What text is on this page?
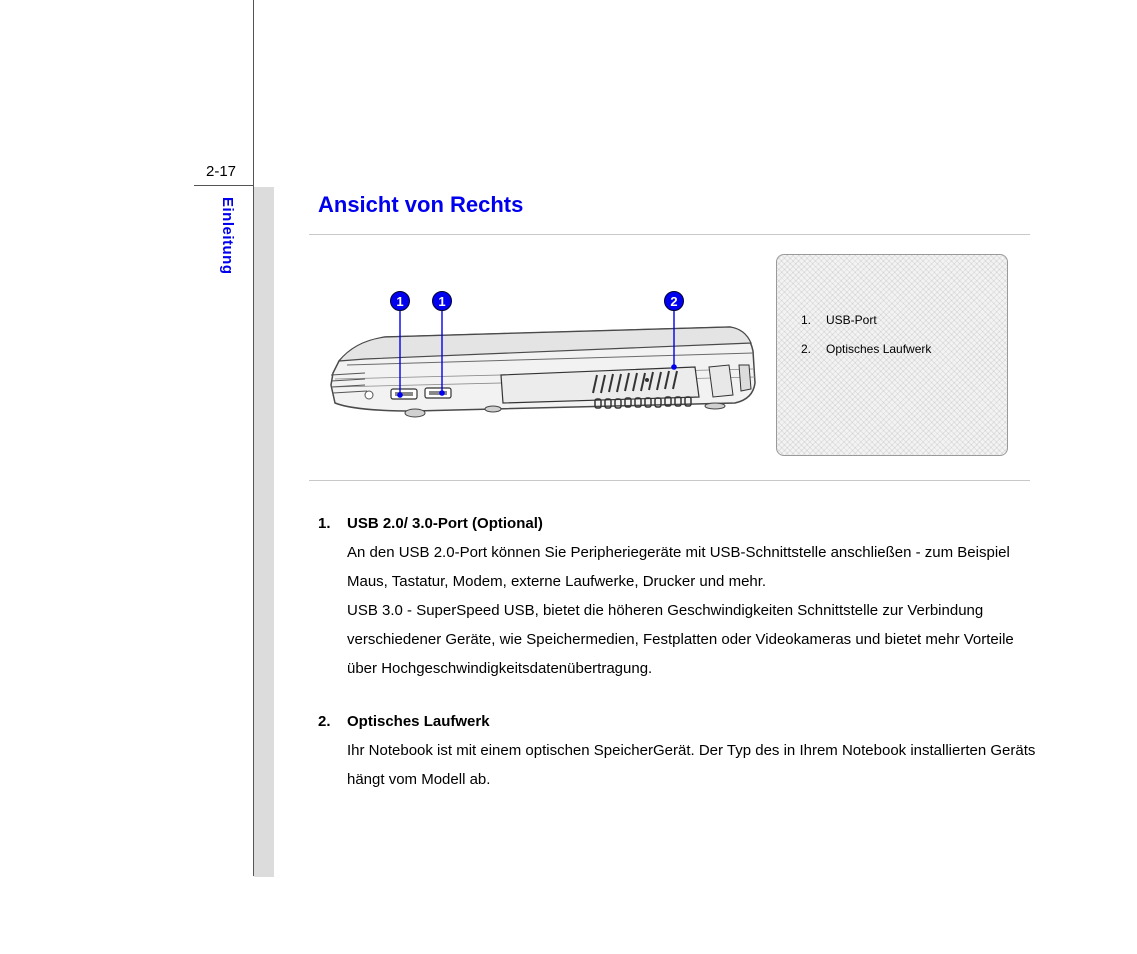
2-17
Einleitung	Ansicht von Rechts
1	1	2
1. USB-Port
2. Optisches Laufwerk
1. USB 2.0/ 3.0-Port (Optional)

An den USB 2.0-Port können Sie Peripheriegeräte mit USB-Schnittstelle anschließen - zum Beispiel Maus, Tastatur, Modem, externe Laufwerke, Drucker und mehr.

USB 3.0 - SuperSpeed USB, bietet die höheren Geschwindigkeiten Schnittstelle zur Verbindung verschiedener Geräte, wie Speichermedien, Festplatten oder Videokameras und bietet mehr Vorteile über Hochgeschwindigkeitsdatenübertragung.

2. Optisches Laufwerk

Ihr Notebook ist mit einem optischen SpeicherGerät. Der Typ des in Ihrem Notebook installierten Geräts hängt vom Modell ab.
